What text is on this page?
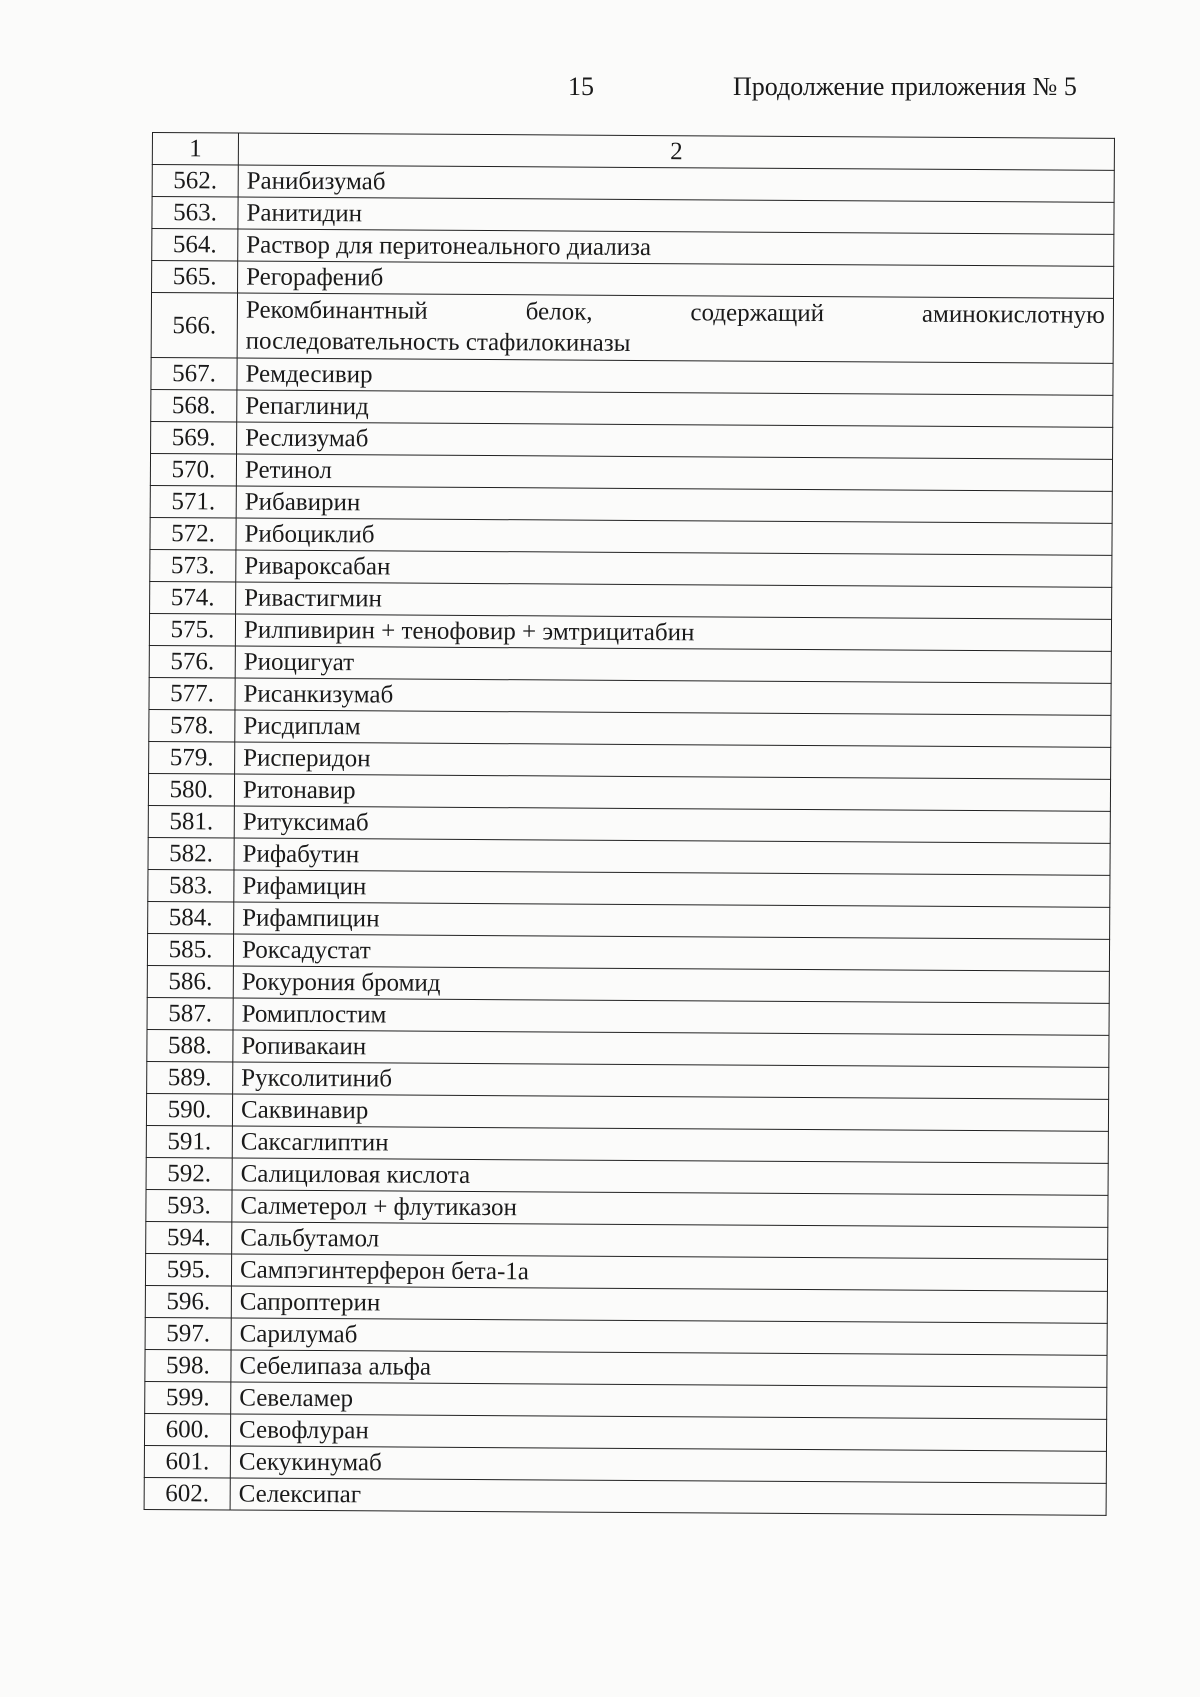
15	Продолжение приложения № 5
1	2
562.	Ранибизумаб
563.	Ранитидин
564.	Раствор для перитонеального диализа
565.	Регорафениб
566.	Рекомбинантный белок, содержащий аминокислотную
последовательность стафилокиназы
567.	Ремдесивир
568.	Репаглинид
569.	Реслизумаб
570.	Ретинол
571.	Рибавирин
572.	Рибоциклиб
573.	Ривароксабан
574.	Ривастигмин
575.	Рилпивирин + тенофовир + эмтрицитабин
576.	Риоцигуат
577.	Рисанкизумаб
578.	Рисдиплам
579.	Рисперидон
580.	Ритонавир
581.	Ритуксимаб
582.	Рифабутин
583.	Рифамицин
584.	Рифампицин
585.	Роксадустат
586.	Рокурония бромид
587.	Ромиплостим
588.	Ропивакаин
589.	Руксолитиниб
590.	Саквинавир
591.	Саксаглиптин
592.	Салициловая кислота
593.	Салметерол + флутиказон
594.	Сальбутамол
595.	Сампэгинтерферон бета-1а
596.	Сапроптерин
597.	Сарилумаб
598.	Себелипаза альфа
599.	Севеламер
600.	Севофлуран
601.	Секукинумаб
602.	Селексипаг
